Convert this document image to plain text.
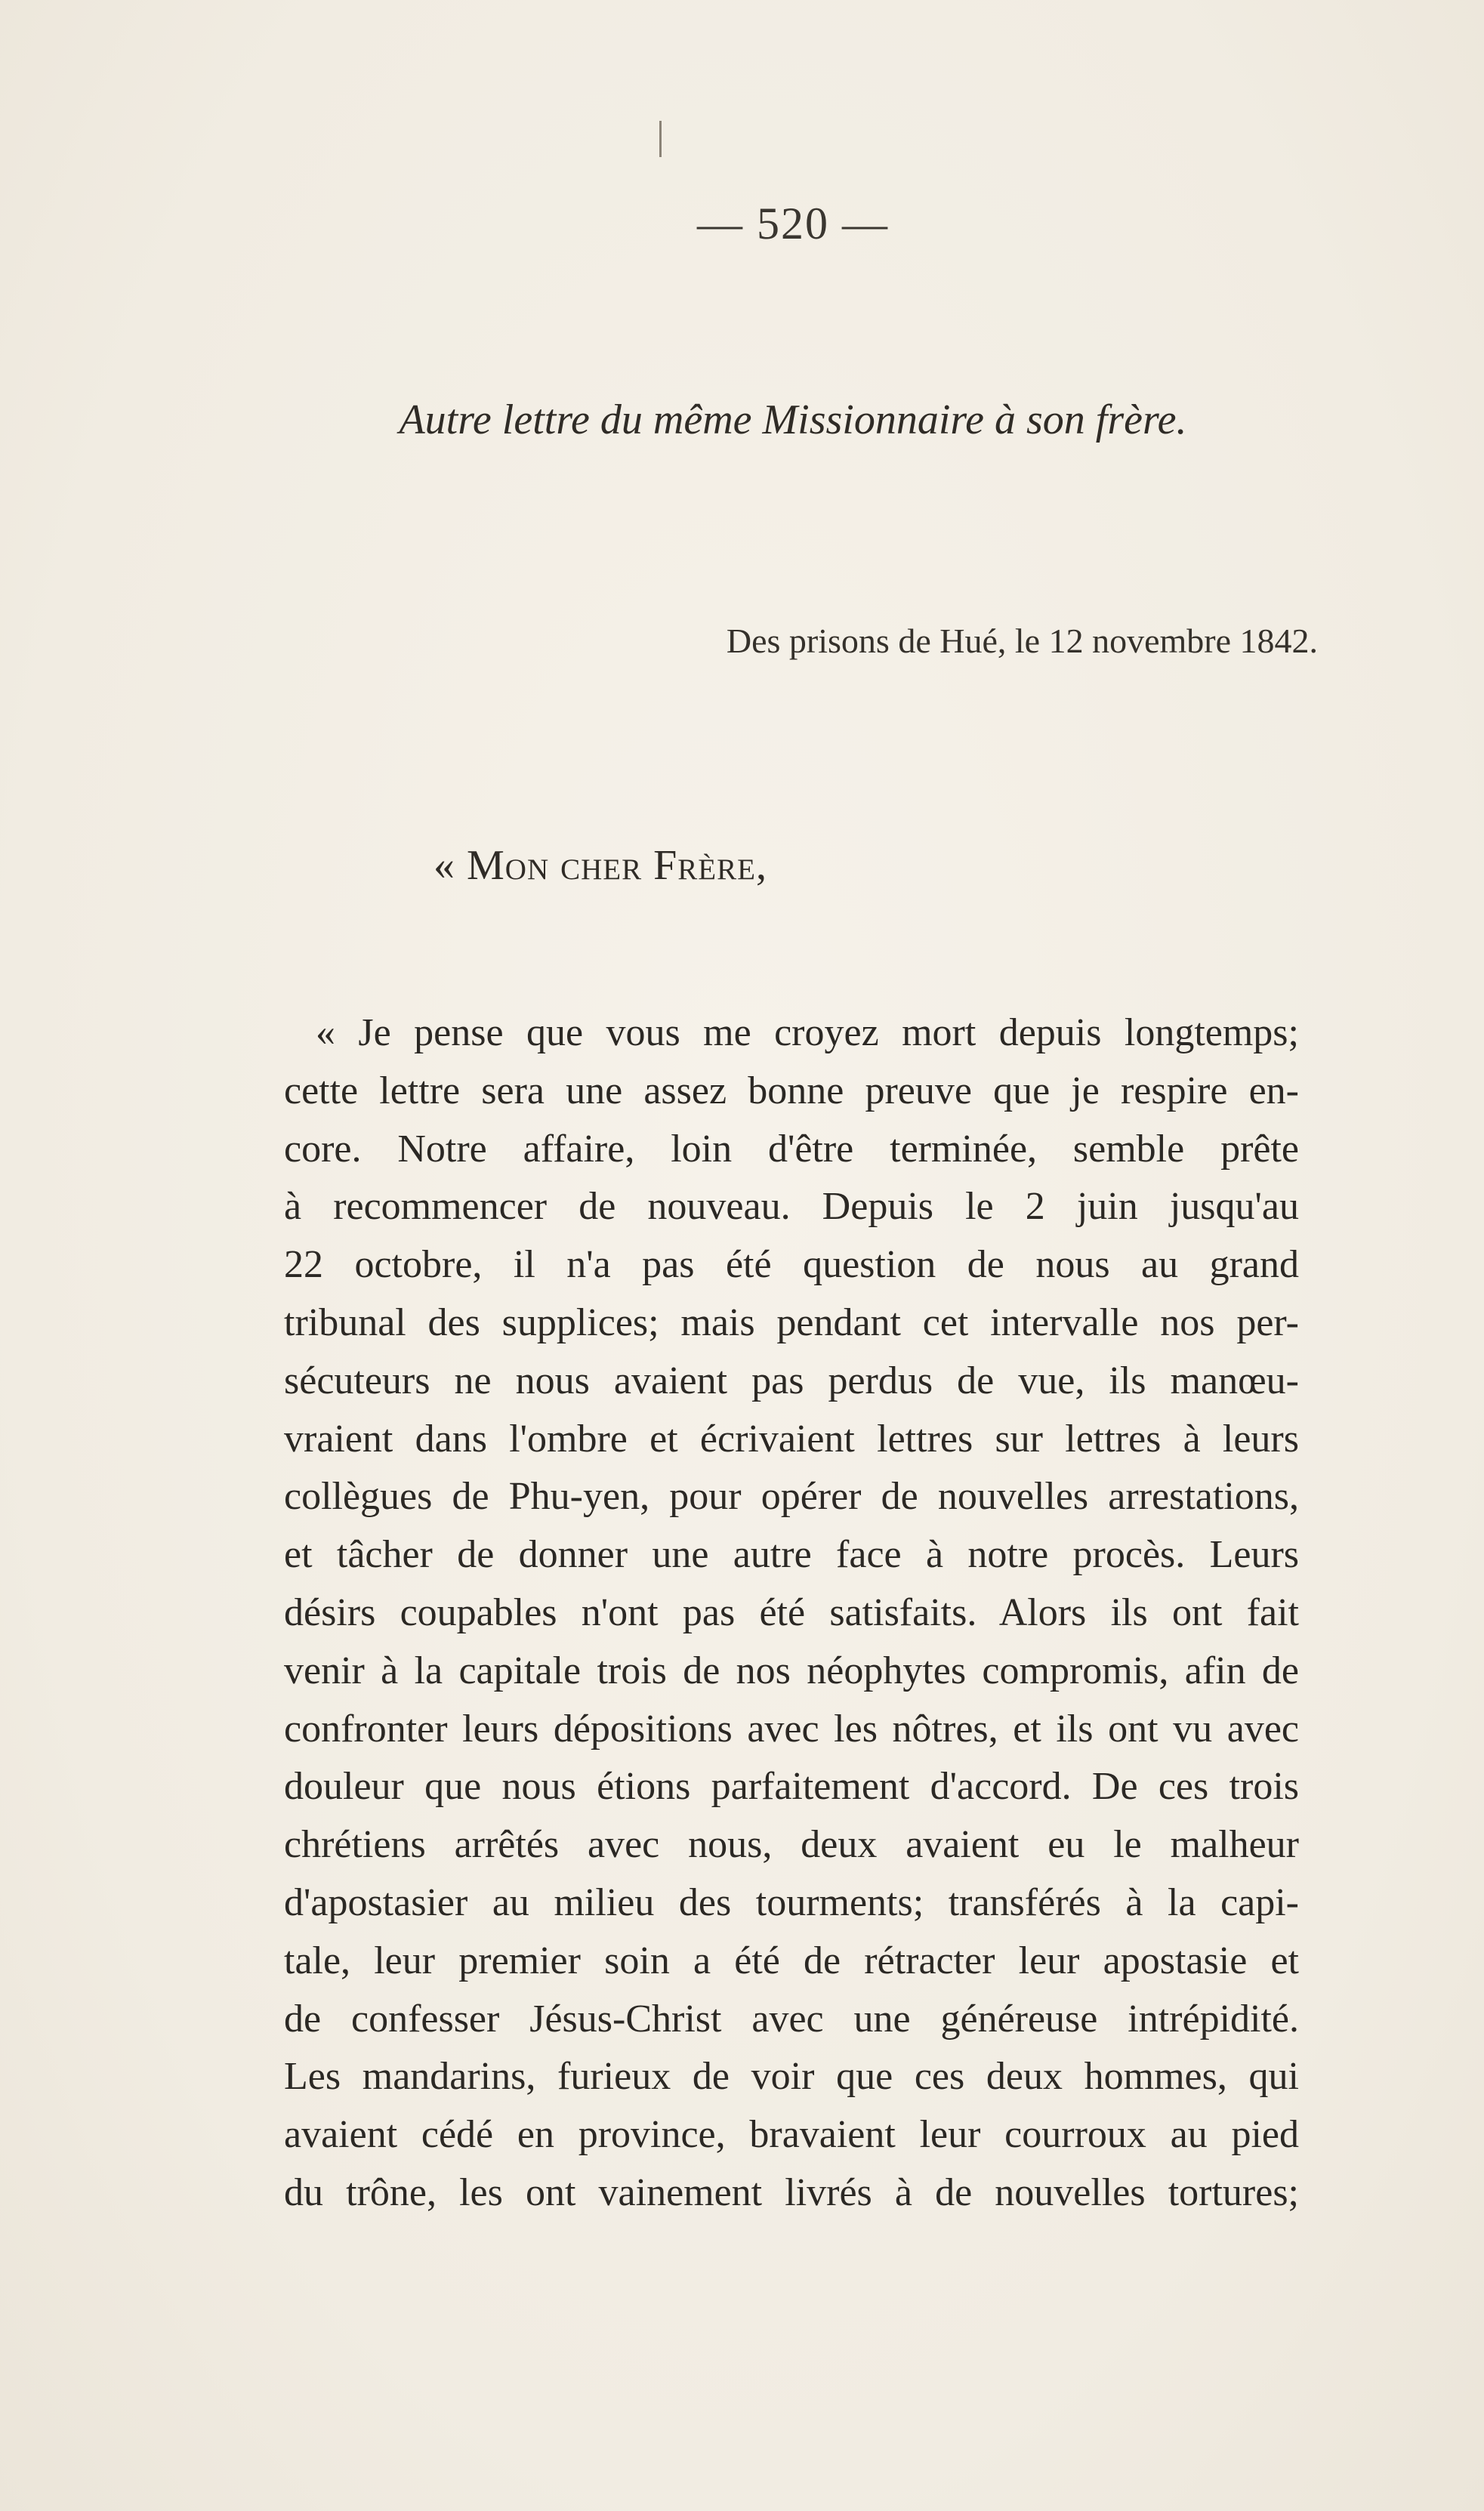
— 520 —
Autre lettre du même Missionnaire à son frère.
Des prisons de Hué, le 12 novembre 1842.
« Mon cher Frère,
« Je pense que vous me croyez mort depuis longtemps;
cette lettre sera une assez bonne preuve que je respire en-
core. Notre affaire, loin d'être terminée, semble prête
à recommencer de nouveau. Depuis le 2 juin jusqu'au
22 octobre, il n'a pas été question de nous au grand
tribunal des supplices; mais pendant cet intervalle nos per-
sécuteurs ne nous avaient pas perdus de vue, ils manœu-
vraient dans l'ombre et écrivaient lettres sur lettres à leurs
collègues de Phu-yen, pour opérer de nouvelles arrestations,
et tâcher de donner une autre face à notre procès. Leurs
désirs coupables n'ont pas été satisfaits. Alors ils ont fait
venir à la capitale trois de nos néophytes compromis, afin de
confronter leurs dépositions avec les nôtres, et ils ont vu avec
douleur que nous étions parfaitement d'accord. De ces trois
chrétiens arrêtés avec nous, deux avaient eu le malheur
d'apostasier au milieu des tourments; transférés à la capi-
tale, leur premier soin a été de rétracter leur apostasie et
de confesser Jésus-Christ avec une généreuse intrépidité.
Les mandarins, furieux de voir que ces deux hommes, qui
avaient cédé en province, bravaient leur courroux au pied
du trône, les ont vainement livrés à de nouvelles tortures;
